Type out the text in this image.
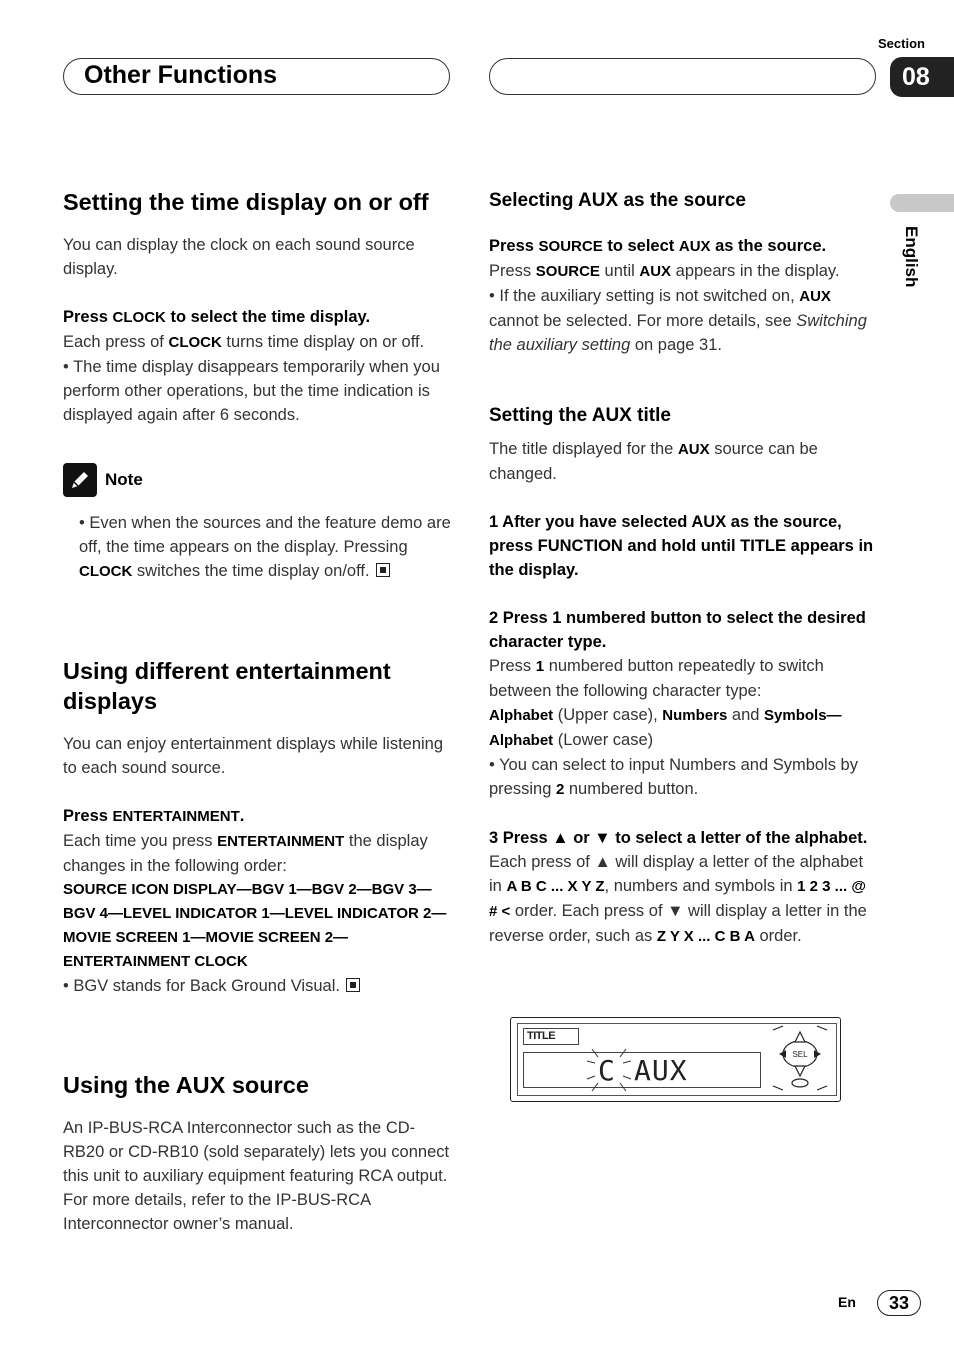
Other Functions
Section
08
English
Setting the time display on or off

You can display the clock on each sound source display.

Press CLOCK to select the time display.

Each press of CLOCK turns time display on or off.

• The time display disappears temporarily when you perform other operations, but the time indication is displayed again after 6 seconds.

Note

• Even when the sources and the feature demo are off, the time appears on the display. Pressing CLOCK switches the time display on/off.

Using different entertainment displays

You can enjoy entertainment displays while listening to each sound source.

Press ENTERTAINMENT.

Each time you press ENTERTAINMENT the display changes in the following order:

SOURCE ICON DISPLAY—BGV 1—BGV 2—BGV 3—BGV 4—LEVEL INDICATOR 1—LEVEL INDICATOR 2—MOVIE SCREEN 1—MOVIE SCREEN 2—ENTERTAINMENT CLOCK

• BGV stands for Back Ground Visual.

Using the AUX source

An IP-BUS-RCA Interconnector such as the CD-RB20 or CD-RB10 (sold separately) lets you connect this unit to auxiliary equipment featuring RCA output. For more details, refer to the IP-BUS-RCA Interconnector owner’s manual.

Selecting AUX as the source

Press SOURCE to select AUX as the source.

Press SOURCE until AUX appears in the display.

• If the auxiliary setting is not switched on, AUX cannot be selected. For more details, see Switching the auxiliary setting on page 31.

Setting the AUX title

The title displayed for the AUX source can be changed.

1 After you have selected AUX as the source, press FUNCTION and hold until TITLE appears in the display.

2 Press 1 numbered button to select the desired character type.

Press 1 numbered button repeatedly to switch between the following character type:

Alphabet (Upper case), Numbers and Symbols—Alphabet (Lower case)

• You can select to input Numbers and Symbols by pressing 2 numbered button.

3 Press ▲ or ▼ to select a letter of the alphabet.

Each press of ▲ will display a letter of the alphabet in A B C ... X Y Z, numbers and symbols in 1 2 3 ... @ # < order. Each press of ▼ will display a letter in the reverse order, such as Z Y X ... C B A order.

TITLE
C AUX	SEL
En	33
